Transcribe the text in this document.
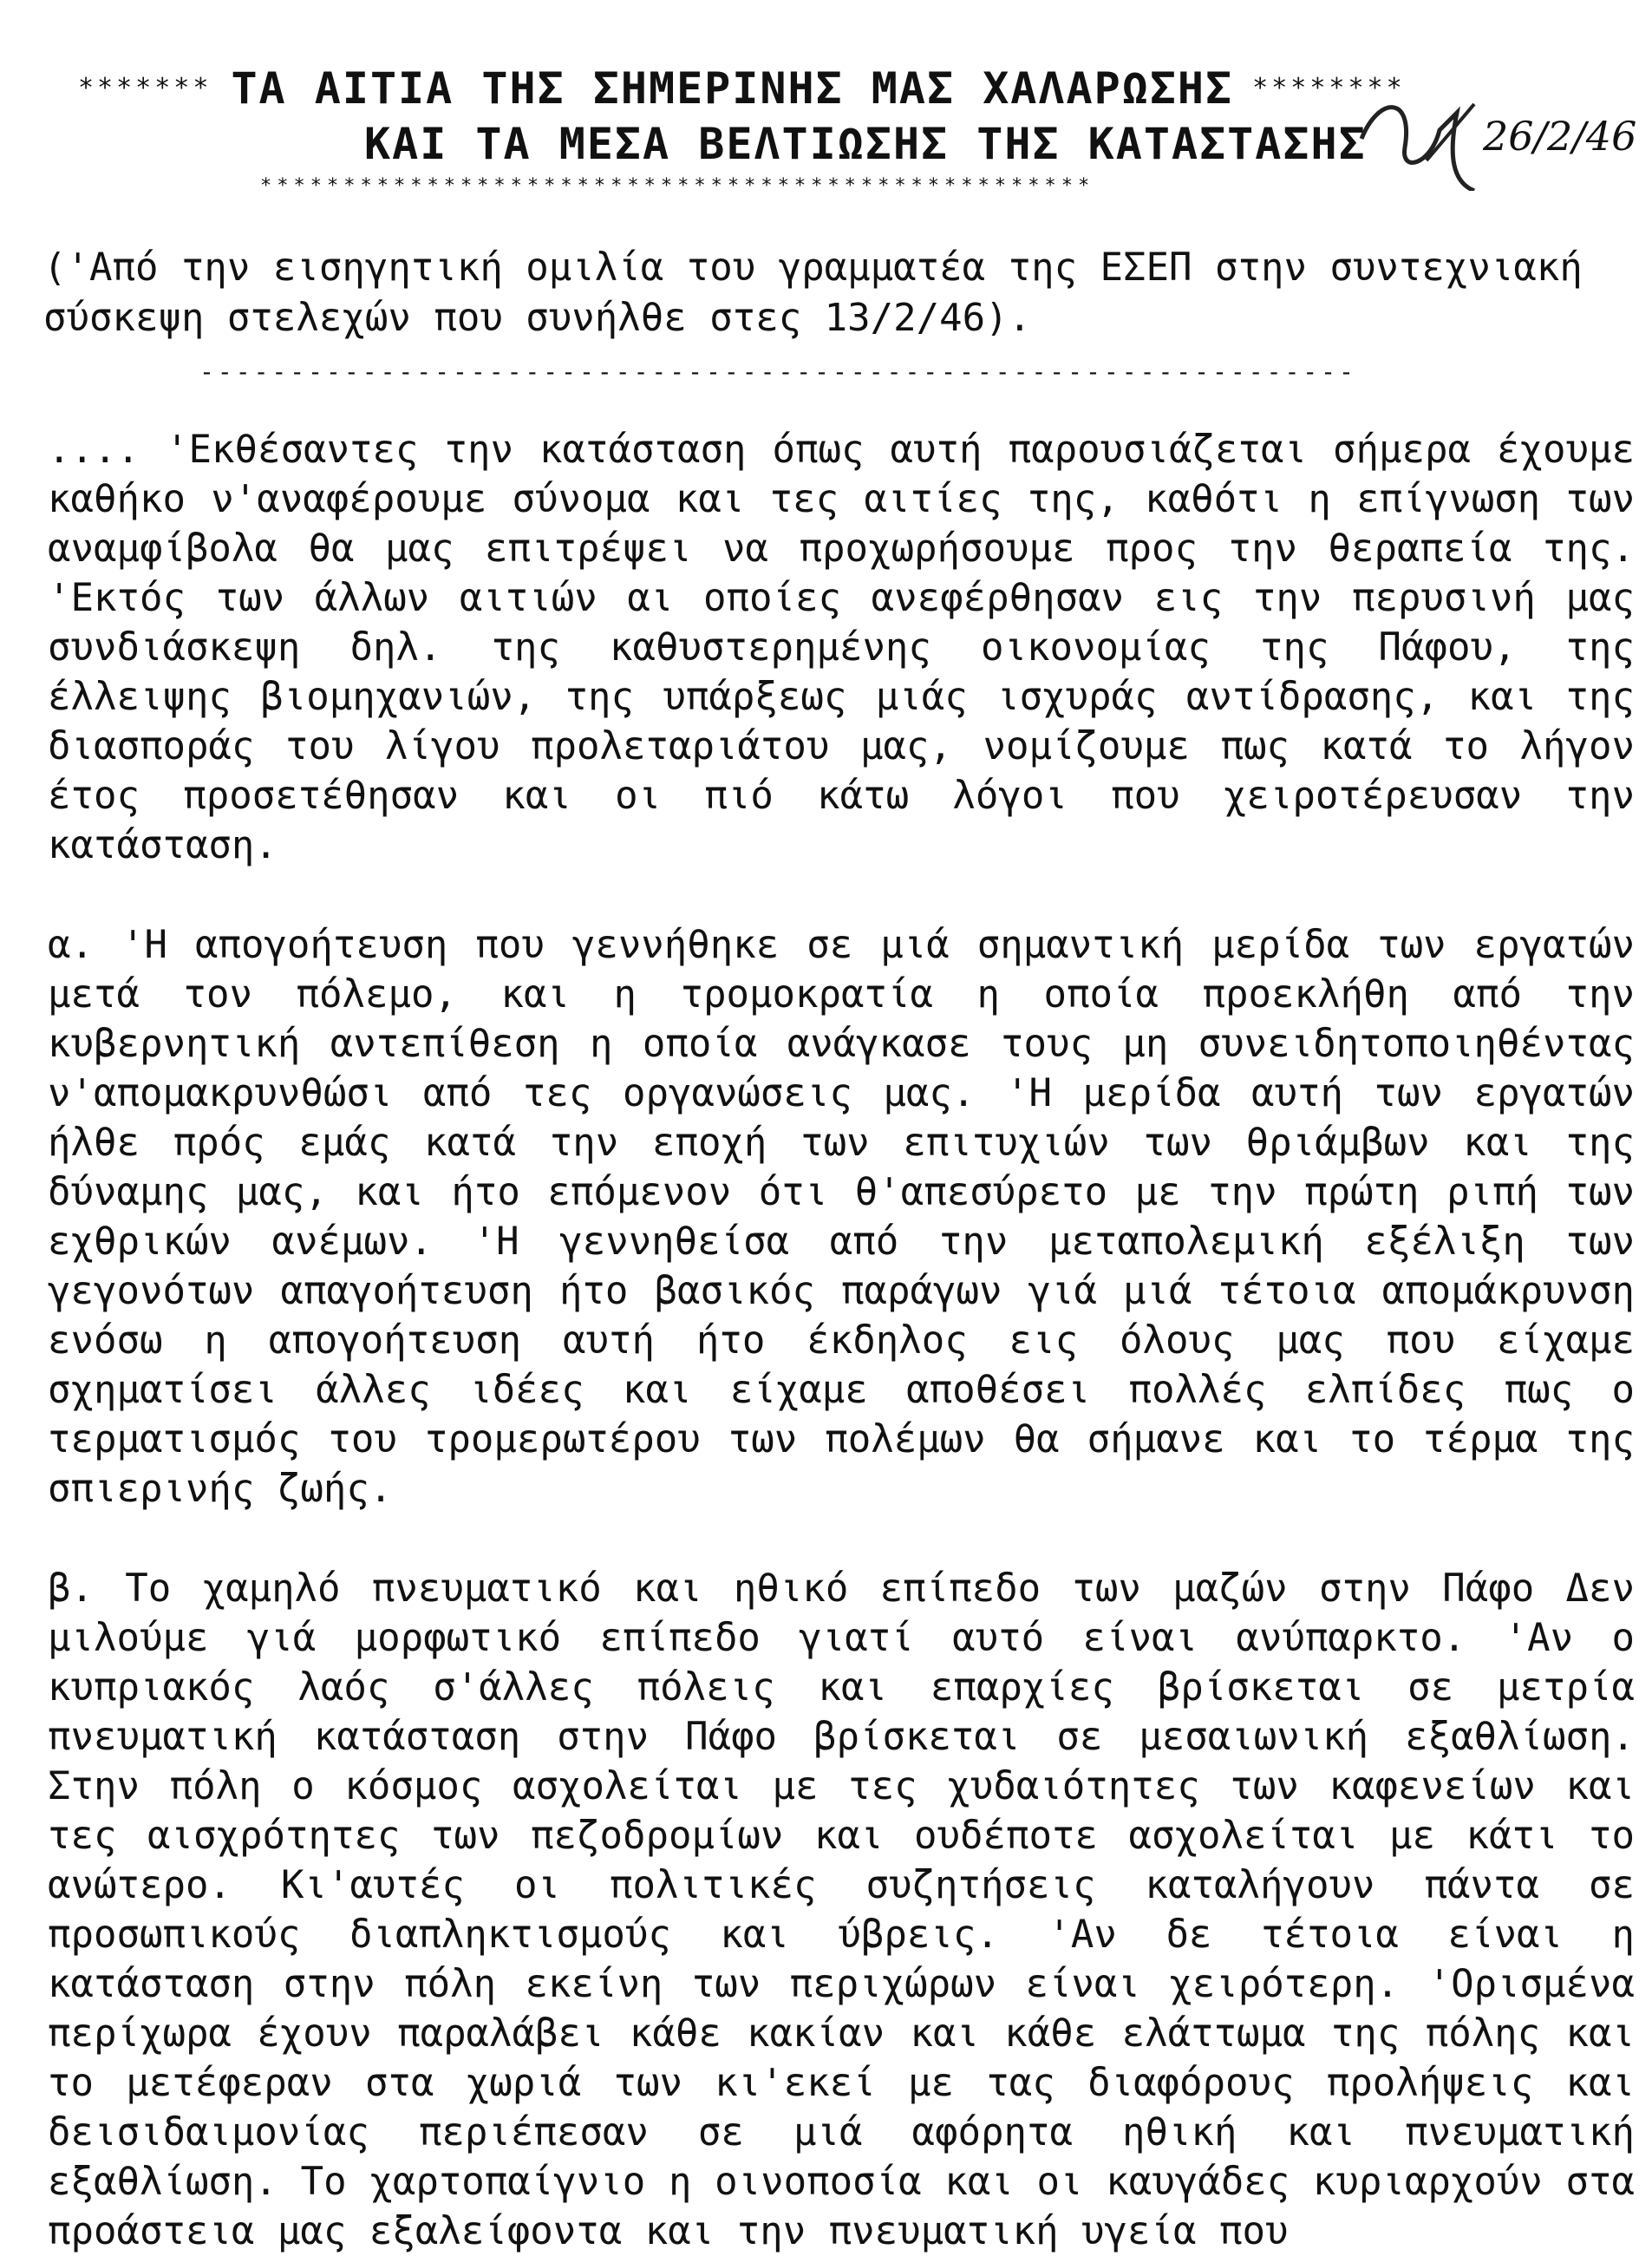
******* ΤΑ ΑΙΤΙΑ ΤΗΣ ΣΗΜΕΡΙΝΗΣ ΜΑΣ ΧΑΛΑΡΩΣΗΣ ********
ΚΑΙ ΤΑ ΜΕΣΑ ΒΕΛΤΙΩΣΗΣ ΤΗΣ ΚΑΤΑΣΤΑΣΗΣ
**************************************************
26/2/46
('Από την εισηγητική ομιλία του γραμματέα της ΕΣΕΠ στην συντεχνιακή σύσκεψη στελεχών που συνήλθε στες 13/2/46).
----------------------------------------------------------------

.... 'Εκθέσαντες την κατάσταση όπως αυτή παρουσιάζεται σήμερα έχουμε καθήκο ν'αναφέρουμε σύνομα και τες αιτίες της, καθότι η επίγνωση των αναμφίβολα θα μας επιτρέψει να προχωρήσουμε προς την θεραπεία της. 'Εκτός των άλλων αιτιών αι οποίες ανεφέρθησαν εις την περυσινή μας συνδιάσκεψη δηλ. της καθυστερημένης οικονομίας της Πάφου, της έλλειψης βιομηχανιών, της υπάρξεως μιάς ισχυράς αντίδρασης, και της διασποράς του λίγου προλεταριάτου μας, νομίζουμε πως κατά το λήγον έτος προσετέθησαν και οι πιό κάτω λόγοι που χειροτέρευσαν την κατάσταση.

α. 'Η απογοήτευση που γεννήθηκε σε μιά σημαντική μερίδα των εργατών μετά τον πόλεμο, και η τρομοκρατία η οποία προεκλήθη από την κυβερνητική αντεπίθεση η οποία ανάγκασε τους μη συνειδητοποιηθέντας ν'απομακρυνθώσι από τες οργανώσεις μας. 'Η μερίδα αυτή των εργατών ήλθε πρός εμάς κατά την εποχή των επιτυχιών των θριάμβων και της δύναμης μας, και ήτο επόμενον ότι θ'απεσύρετο με την πρώτη ριπή των εχθρικών ανέμων. 'Η γεννηθείσα από την μεταπολεμική εξέλιξη των γεγονότων απαγοήτευση ήτο βασικός παράγων γιά μιά τέτοια απομάκρυνση ενόσω η απογοήτευση αυτή ήτο έκδηλος εις όλους μας που είχαμε σχηματίσει άλλες ιδέες και είχαμε αποθέσει πολλές ελπίδες πως ο τερματισμός του τρομερωτέρου των πολέμων θα σήμανε και το τέρμα της σπιερινής ζωής.

β. Το χαμηλό πνευματικό και ηθικό επίπεδο των μαζών στην Πάφο Δεν μιλούμε γιά μορφωτικό επίπεδο γιατί αυτό είναι ανύπαρκτο. 'Αν ο κυπριακός λαός σ'άλλες πόλεις και επαρχίες βρίσκεται σε μετρία πνευματική κατάσταση στην Πάφο βρίσκεται σε μεσαιωνική εξαθλίωση. Στην πόλη ο κόσμος ασχολείται με τες χυδαιότητες των καφενείων και τες αισχρότητες των πεζοδρομίων και ουδέποτε ασχολείται με κάτι το ανώτερο. Κι'αυτές οι πολιτικές συζητήσεις καταλήγουν πάντα σε προσωπικούς διαπληκτισμούς και ύβρεις. 'Αν δε τέτοια είναι η κατάσταση στην πόλη εκείνη των περιχώρων είναι χειρότερη. 'Ορισμένα περίχωρα έχουν παραλάβει κάθε κακίαν και κάθε ελάττωμα της πόλης και το μετέφεραν στα χωριά των κι'εκεί με τας διαφόρους προλήψεις και δεισιδαιμονίας περιέπεσαν σε μιά αφόρητα ηθική και πνευματική εξαθλίωση. Το χαρτοπαίγνιο η οινοποσία και οι καυγάδες κυριαρχούν στα προάστεια μας εξαλείφοντα και την πνευματική υγεία που
